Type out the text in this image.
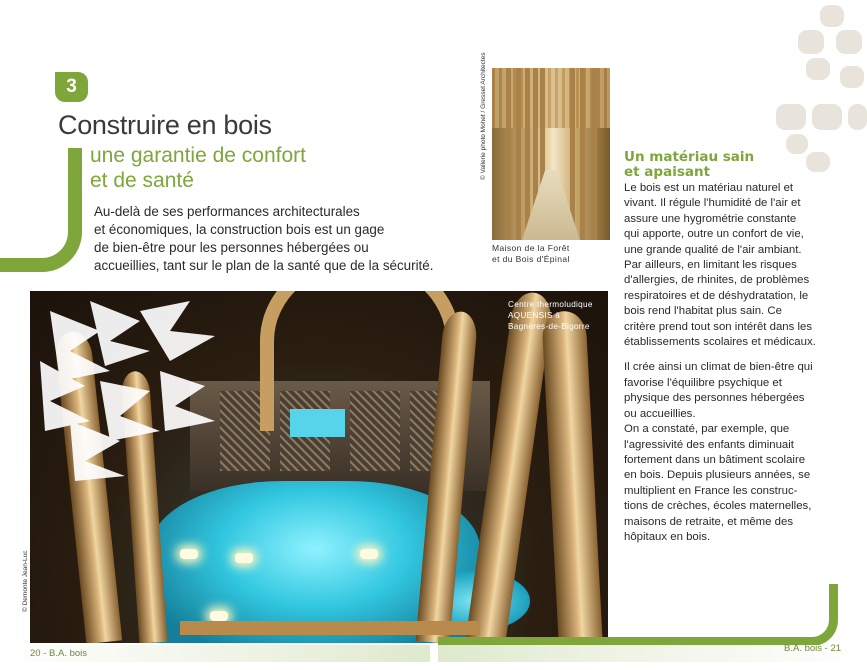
3
Construire en bois
une garantie de confort
et de santé
Au-delà de ses performances architecturales
et économiques, la construction bois est un gage
de bien-être pour les personnes hébergées ou
accueillies, tant sur le plan de la santé que de la sécurité.
© Vallerie photo Mohet / Gresset Architectes
Maison de la Forêt
et du Bois d'Épinal
Centre thermoludique
AQUENSIS à
Bagnères-de-Bigorre
© Demonte Jean-Luc
Un matériau sain
et apaisant
Le bois est un matériau naturel et
vivant. Il régule l'humidité de l'air et
assure une hygrométrie constante
qui apporte, outre un confort de vie,
une grande qualité de l'air ambiant.
Par ailleurs, en limitant les risques
d'allergies, de rhinites, de problèmes
respiratoires et de déshydratation, le
bois rend l'habitat plus sain. Ce
critère prend tout son intérêt dans les
établissements scolaires et médicaux.
Il crée ainsi un climat de bien-être qui
favorise l'équilibre psychique et
physique des personnes hébergées
ou accueillies.
On a constaté, par exemple, que
l'agressivité des enfants diminuait
fortement dans un bâtiment scolaire
en bois. Depuis plusieurs années, se
multiplient en France les construc-
tions de crèches, écoles maternelles,
maisons de retraite, et même des
hôpitaux en bois.
20 - B.A. bois	B.A. bois - 21
